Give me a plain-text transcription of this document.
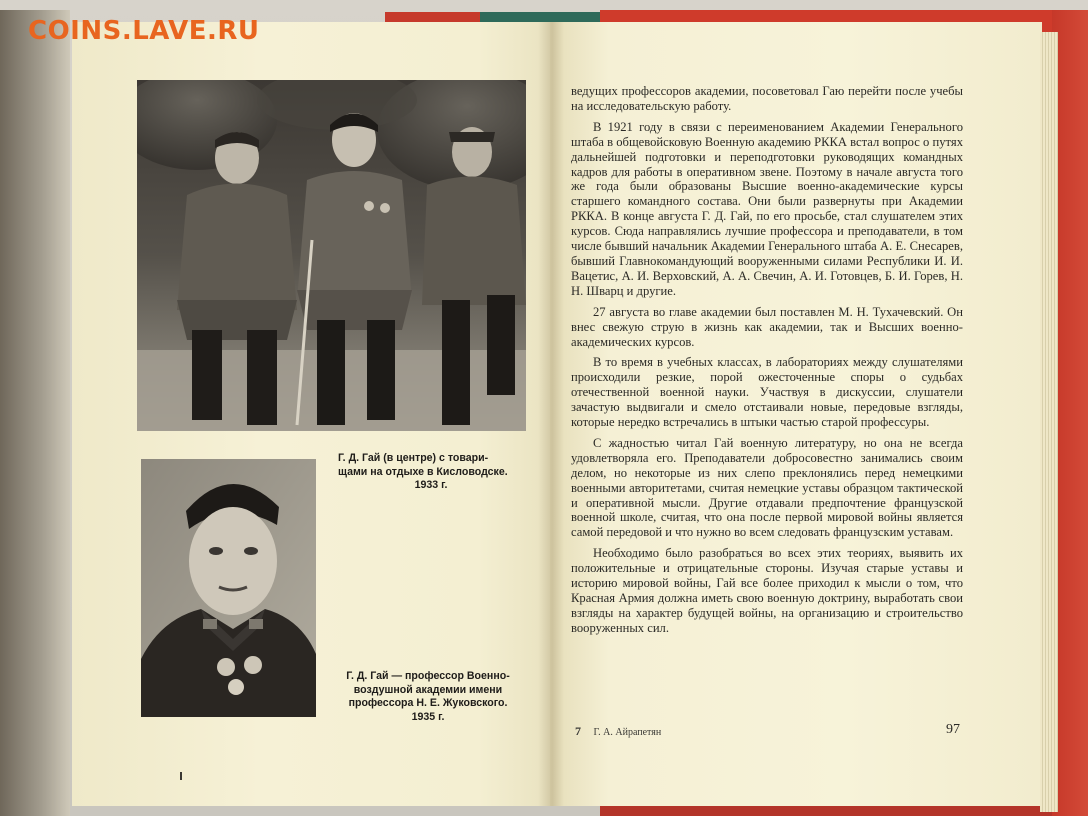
COINS.LAVE.RU
Г. Д. Гай (в центре) с товари-
щами на отдыхе в Кисловодске.

1933 г.
Г. Д. Гай — профессор Военно-
воздушной академии имени
профессора Н. Е. Жуковского.
1935 г.

ведущих профессоров академии, посоветовал Гаю перейти после учебы на исследовательскую работу.

В 1921 году в связи с переименованием Академии Генерального штаба в общевойсковую Военную академию РККА встал вопрос о путях дальнейшей подготовки и переподготовки руководящих командных кадров для работы в оперативном звене. Поэтому в начале августа того же года были образованы Высшие военно-академические курсы старшего командного состава. Они были развернуты при Академии РККА. В конце августа Г. Д. Гай, по его просьбе, стал слушателем этих курсов. Сюда направлялись лучшие профессора и преподаватели, в том числе бывший начальник Академии Генерального штаба А. Е. Снесарев, бывший Главнокомандующий вооруженными силами Республики И. И. Вацетис, А. И. Верховский, А. А. Свечин, А. И. Готовцев, Б. И. Горев, Н. Н. Шварц и другие.

27 августа во главе академии был поставлен М. Н. Тухачевский. Он внес свежую струю в жизнь как академии, так и Высших военно-академических курсов.

В то время в учебных классах, в лабораториях между слушателями происходили резкие, порой ожесточенные споры о судьбах отечественной военной науки. Участвуя в дискуссии, слушатели зачастую выдвигали и смело отстаивали новые, передовые взгляды, которые нередко встречались в штыки частью старой профессуры.

С жадностью читал Гай военную литературу, но она не всегда удовлетворяла его. Преподаватели добросовестно занимались своим делом, но некоторые из них слепо преклонялись перед немецкими военными авторитетами, считая немецкие уставы образцом тактической и оперативной мысли. Другие отдавали предпочтение французской военной школе, считая, что она после первой мировой войны является самой передовой и что нужно во всем следовать французским уставам.

Необходимо было разобраться во всех этих теориях, выявить их положительные и отрицательные стороны. Изучая старые уставы и историю мировой войны, Гай все более приходил к мысли о том, что Красная Армия должна иметь свою военную доктрину, выработать свои взгляды на характер будущей войны, на организацию и строительство вооруженных сил.

7 Г. А. Айрапетян	97
